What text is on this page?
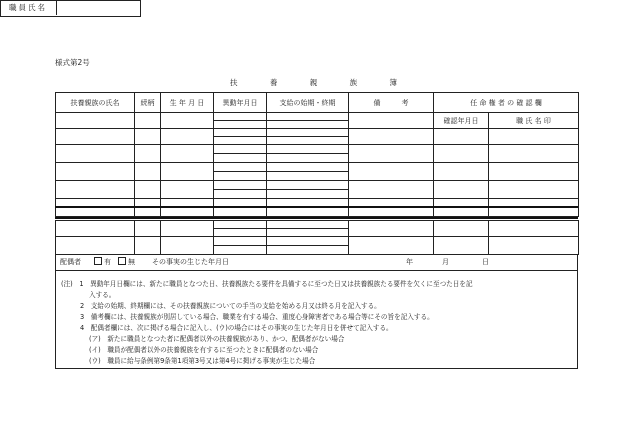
様式第2号
扶 養 親 族 簿
職員氏名
扶養親族の氏名	続柄	生 年 月 日	異動年月日	支給の始期・終期	備　　　考	任 命 権 者 の 確 認 欄	
						確認年月日	職 氏 名 印

配偶者	有	無 その事実の生じた年月日	年	月	日
(注)　1　異動年月日欄には、新たに職員となつた日、扶養親族たる要件を具備するに至つた日又は扶養親族たる要件を欠くに至つた日を記
入する。
2　支給の始期、終期欄には、その扶養親族についての手当の支給を始める月又は終る月を記入する。
3　備考欄には、扶養親族が別居している場合、職業を有する場合、重度心身障害者である場合等にその旨を記入する。
4　配偶者欄には、次に掲げる場合に記入し、(ウ)の場合にはその事実の生じた年月日を併せて記入する。
(ア)　新たに職員となつた者に配偶者以外の扶養親族があり、かつ、配偶者がない場合
(イ)　職員が配偶者以外の扶養親族を有するに至つたときに配偶者のない場合
(ウ)　職員に給与条例第9条第1項第3号又は第4号に掲げる事実が生じた場合
